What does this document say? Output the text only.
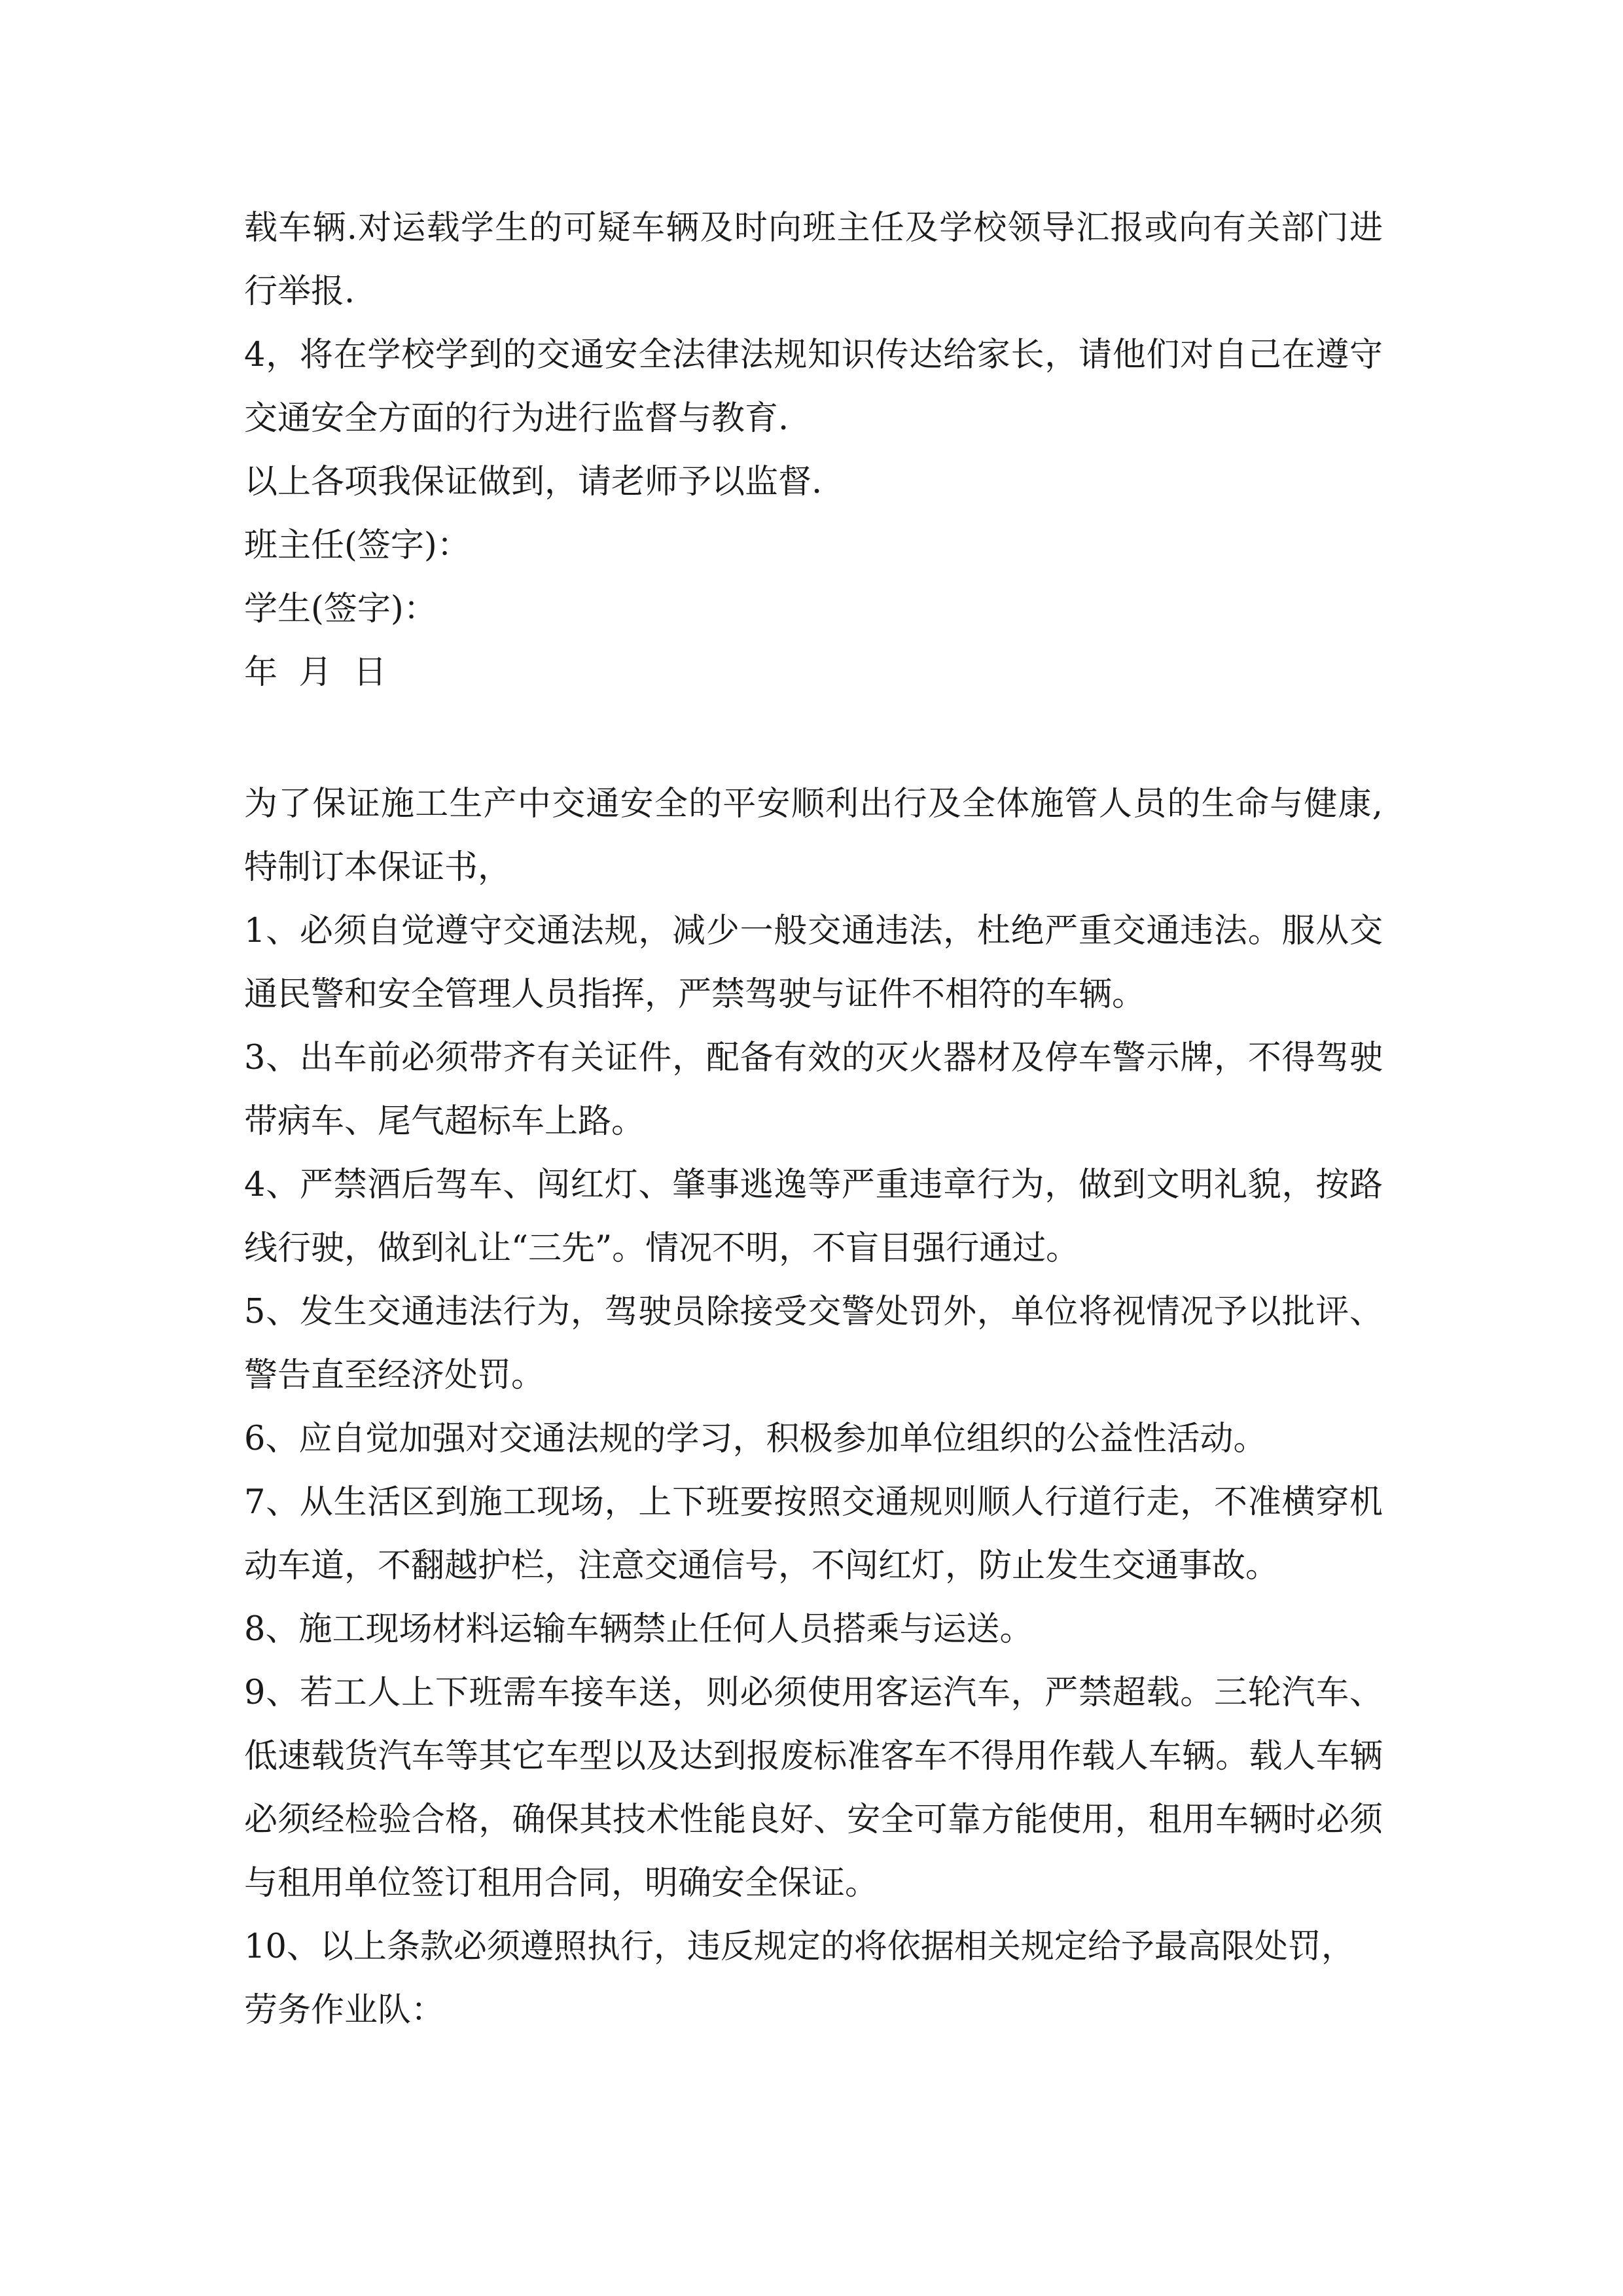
载车辆.对运载学生的可疑车辆及时向班主任及学校领导汇报或向有关部门进行举报.

4，将在学校学到的交通安全法律法规知识传达给家长，请他们对自己在遵守交通安全方面的行为进行监督与教育.

以上各项我保证做到，请老师予以监督.

班主任(签字)：

学生(签字)：

年  月  日

为了保证施工生产中交通安全的平安顺利出行及全体施管人员的生命与健康,特制订本保证书，

1、必须自觉遵守交通法规，减少一般交通违法，杜绝严重交通违法。服从交通民警和安全管理人员指挥，严禁驾驶与证件不相符的车辆。

3、出车前必须带齐有关证件，配备有效的灭火器材及停车警示牌，不得驾驶带病车、尾气超标车上路。

4、严禁酒后驾车、闯红灯、肇事逃逸等严重违章行为，做到文明礼貌，按路线行驶，做到礼让“三先”。情况不明，不盲目强行通过。

5、发生交通违法行为，驾驶员除接受交警处罚外，单位将视情况予以批评、警告直至经济处罚。

6、应自觉加强对交通法规的学习，积极参加单位组织的公益性活动。

7、从生活区到施工现场，上下班要按照交通规则顺人行道行走，不准横穿机动车道，不翻越护栏，注意交通信号，不闯红灯，防止发生交通事故。

8、施工现场材料运输车辆禁止任何人员搭乘与运送。

9、若工人上下班需车接车送，则必须使用客运汽车，严禁超载。三轮汽车、低速载货汽车等其它车型以及达到报废标准客车不得用作载人车辆。载人车辆必须经检验合格，确保其技术性能良好、安全可靠方能使用，租用车辆时必须与租用单位签订租用合同，明确安全保证。

10、以上条款必须遵照执行，违反规定的将依据相关规定给予最高限处罚，

劳务作业队：
